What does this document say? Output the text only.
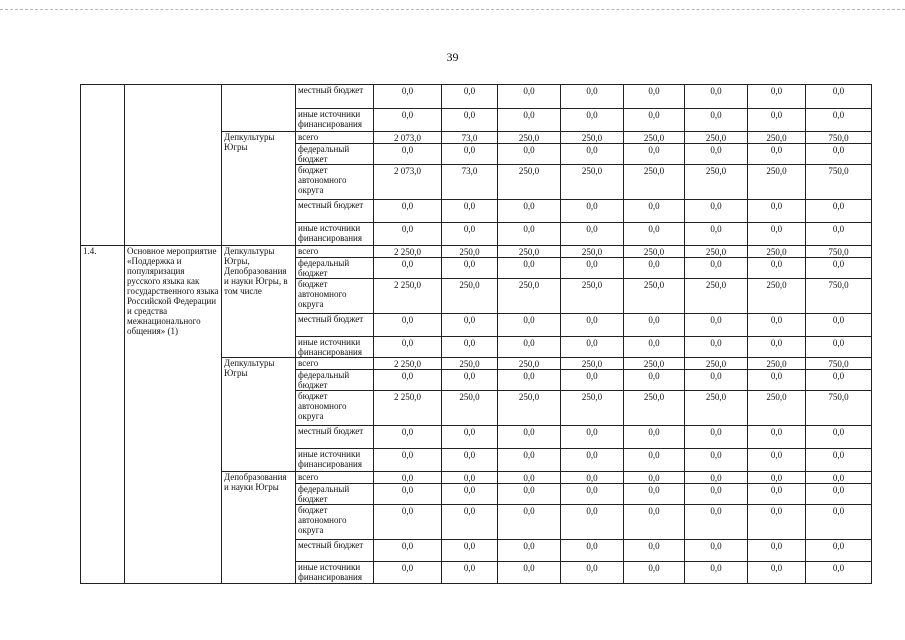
39
			местный бюджет	0,0	0,0	0,0	0,0	0,0	0,0	0,0	0,0
			иные источники финансирования	0,0	0,0	0,0	0,0	0,0	0,0	0,0	0,0
		Депкультуры Югры	всего	2 073,0	73,0	250,0	250,0	250,0	250,0	250,0	750,0
			федеральный бюджет	0,0	0,0	0,0	0,0	0,0	0,0	0,0	0,0
			бюджет автономного округа	2 073,0	73,0	250,0	250,0	250,0	250,0	250,0	750,0
			местный бюджет	0,0	0,0	0,0	0,0	0,0	0,0	0,0	0,0
			иные источники финансирования	0,0	0,0	0,0	0,0	0,0	0,0	0,0	0,0
1.4.	Основное мероприятие «Поддержка и популяризация русского языка как государственного языка Российской Федерации и средства межнационального общения» (1)	Депкультуры Югры, Депобразования и науки Югры, в том числе	всего	2 250,0	250,0	250,0	250,0	250,0	250,0	250,0	750,0
			федеральный бюджет	0,0	0,0	0,0	0,0	0,0	0,0	0,0	0,0
			бюджет автономного округа	2 250,0	250,0	250,0	250,0	250,0	250,0	250,0	750,0
			местный бюджет	0,0	0,0	0,0	0,0	0,0	0,0	0,0	0,0
			иные источники финансирования	0,0	0,0	0,0	0,0	0,0	0,0	0,0	0,0
		Депкультуры Югры	всего	2 250,0	250,0	250,0	250,0	250,0	250,0	250,0	750,0
			федеральный бюджет	0,0	0,0	0,0	0,0	0,0	0,0	0,0	0,0
			бюджет автономного округа	2 250,0	250,0	250,0	250,0	250,0	250,0	250,0	750,0
			местный бюджет	0,0	0,0	0,0	0,0	0,0	0,0	0,0	0,0
			иные источники финансирования	0,0	0,0	0,0	0,0	0,0	0,0	0,0	0,0
		Депобразования и науки Югры	всего	0,0	0,0	0,0	0,0	0,0	0,0	0,0	0,0
			федеральный бюджет	0,0	0,0	0,0	0,0	0,0	0,0	0,0	0,0
			бюджет автономного округа	0,0	0,0	0,0	0,0	0,0	0,0	0,0	0,0
			местный бюджет	0,0	0,0	0,0	0,0	0,0	0,0	0,0	0,0
			иные источники финансирования	0,0	0,0	0,0	0,0	0,0	0,0	0,0	0,0
